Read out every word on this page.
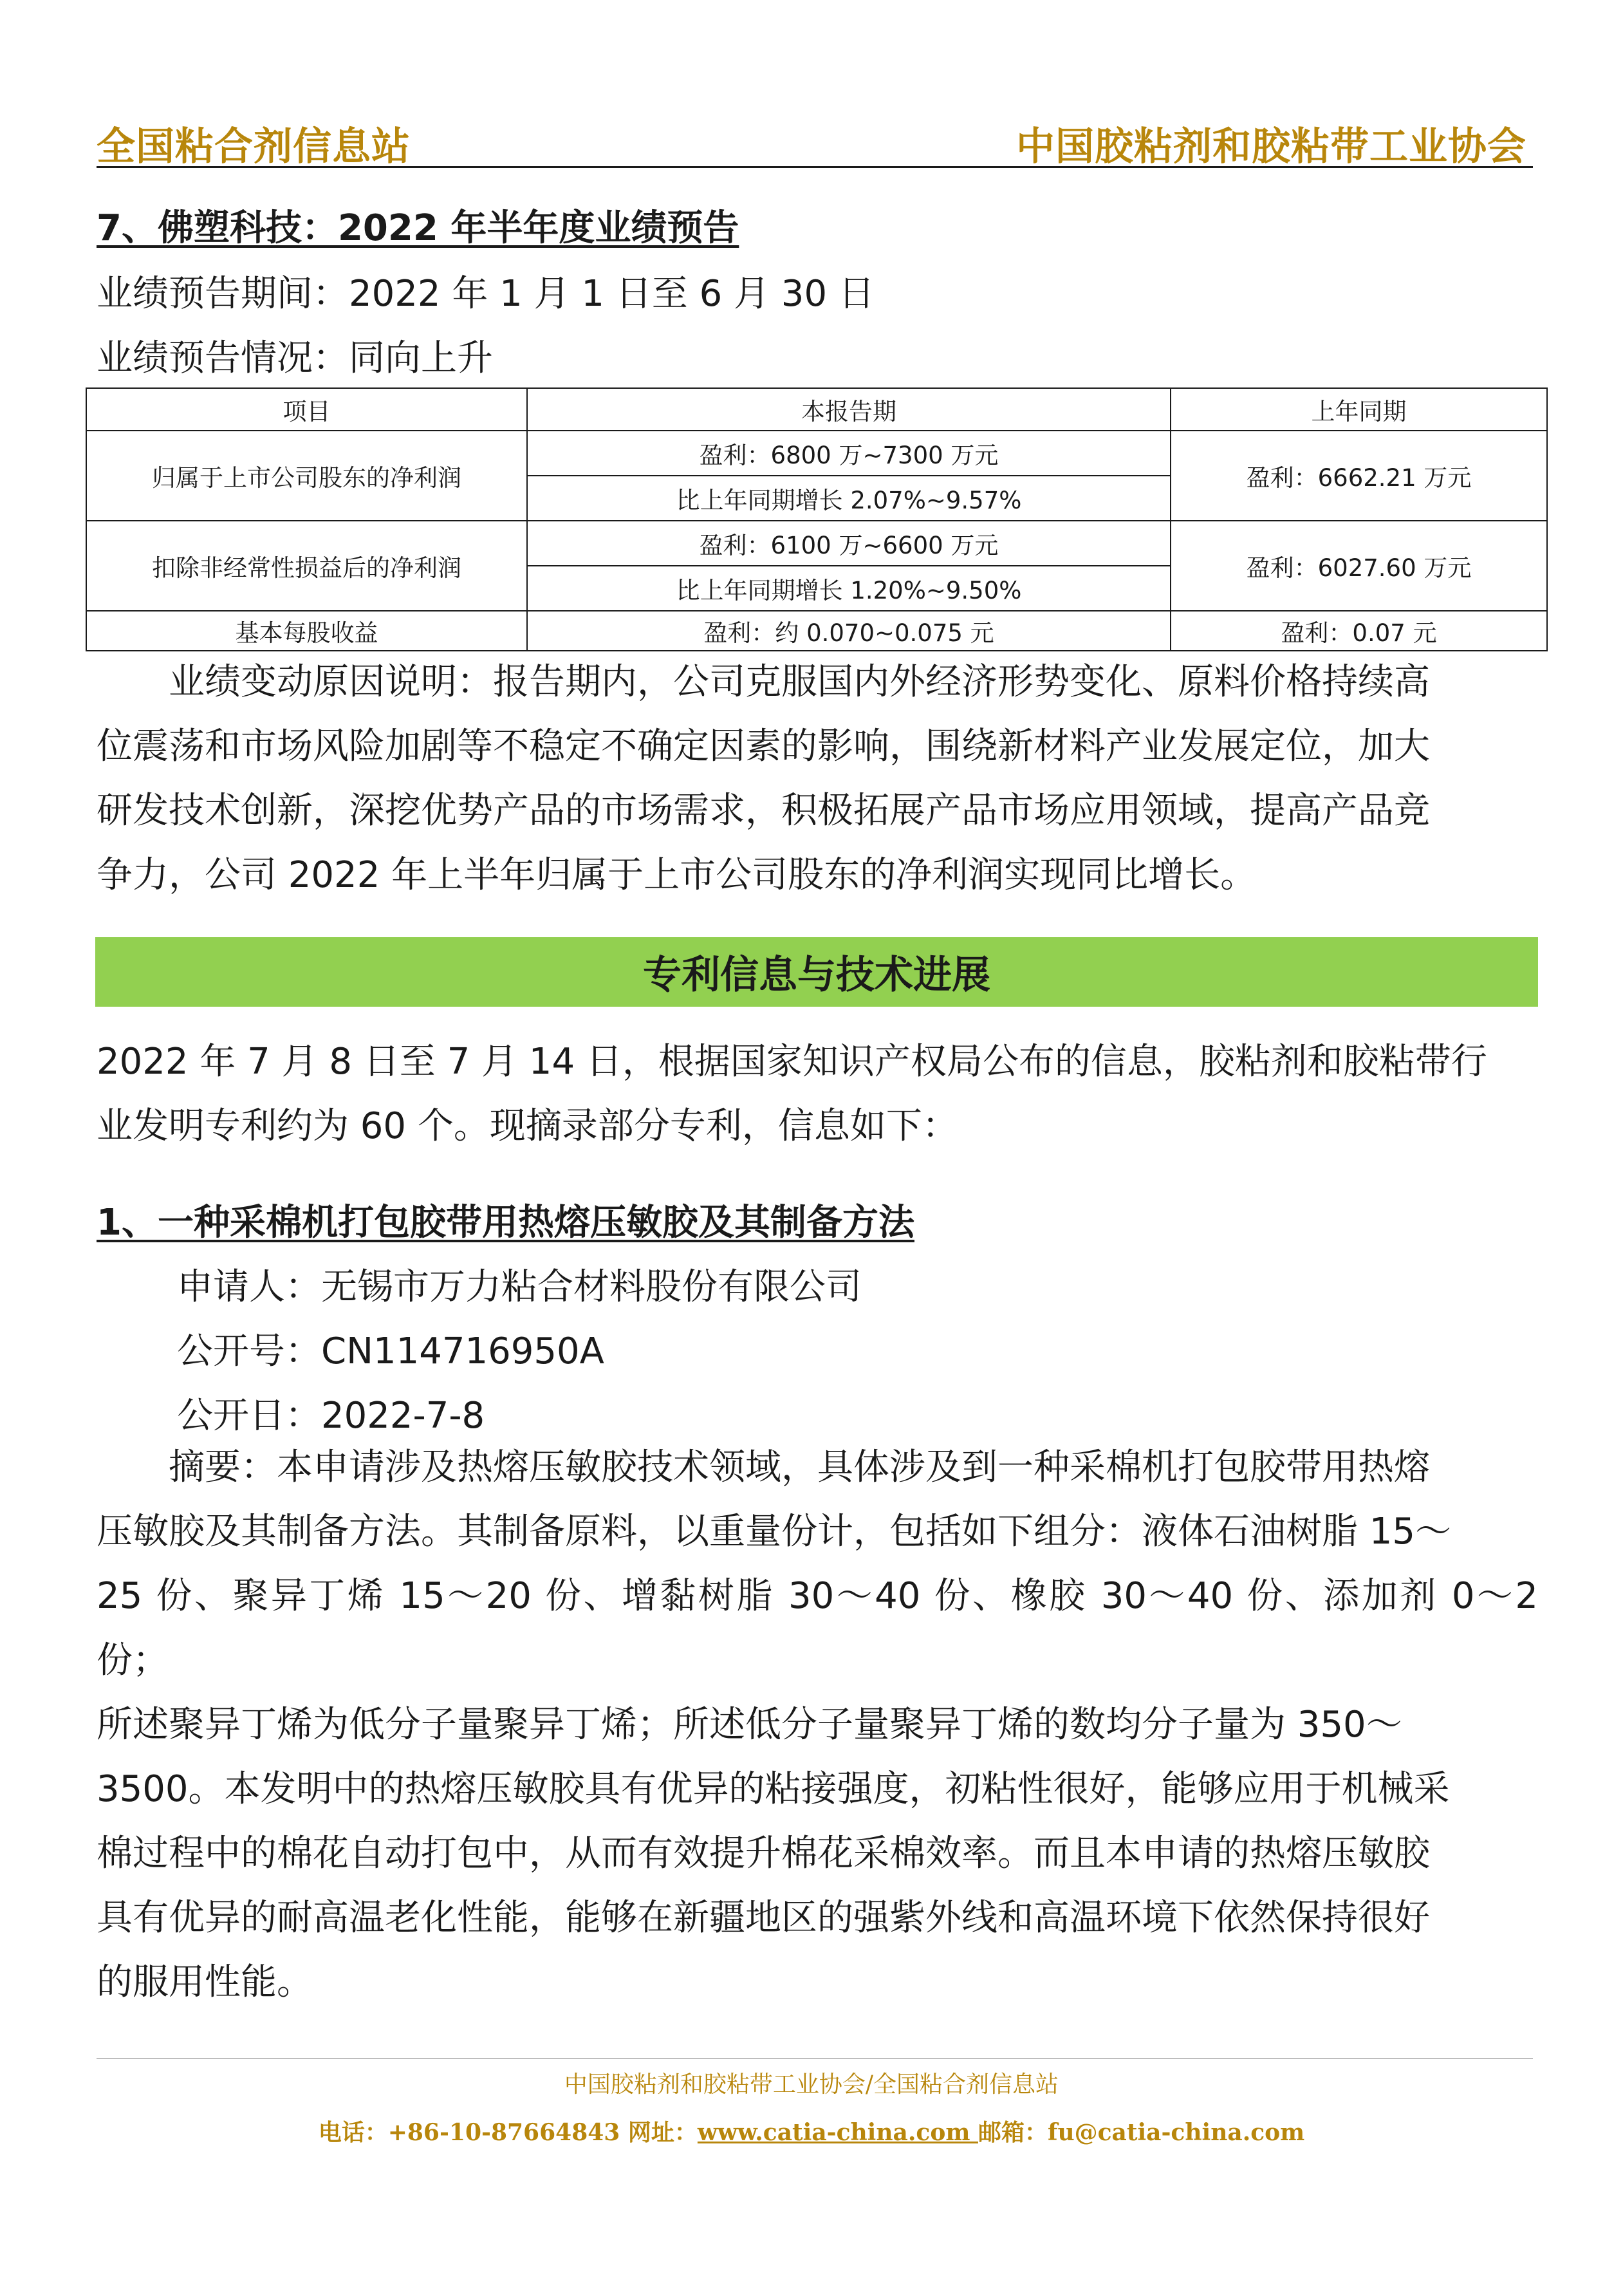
全国粘合剂信息站	中国胶粘剂和胶粘带工业协会
7、佛塑科技：2022 年半年度业绩预告
业绩预告期间：2022 年 1 月 1 日至 6 月 30 日
业绩预告情况：同向上升
项目	本报告期	上年同期
归属于上市公司股东的净利润	盈利：6800 万~7300 万元	盈利：6662.21 万元
	比上年同期增长 2.07%~9.57%	
扣除非经常性损益后的净利润	盈利：6100 万~6600 万元	盈利：6027.60 万元
	比上年同期增长 1.20%~9.50%	
基本每股收益	盈利：约 0.070~0.075 元	盈利：0.07 元
业绩变动原因说明：报告期内，公司克服国内外经济形势变化、原料价格持续高
位震荡和市场风险加剧等不稳定不确定因素的影响，围绕新材料产业发展定位，加大
研发技术创新，深挖优势产品的市场需求，积极拓展产品市场应用领域，提高产品竞
争力，公司 2022 年上半年归属于上市公司股东的净利润实现同比增长。
专利信息与技术进展
2022 年 7 月 8 日至 7 月 14 日，根据国家知识产权局公布的信息，胶粘剂和胶粘带行
业发明专利约为 60 个。现摘录部分专利，信息如下：
1、一种采棉机打包胶带用热熔压敏胶及其制备方法
申请人：无锡市万力粘合材料股份有限公司
公开号：CN114716950A
公开日：2022-7-8
摘要：本申请涉及热熔压敏胶技术领域，具体涉及到一种采棉机打包胶带用热熔
压敏胶及其制备方法。其制备原料，以重量份计，包括如下组分：液体石油树脂 15～
25 份、聚异丁烯 15～20 份、增黏树脂 30～40 份、橡胶 30～40 份、添加剂 0～2 份；
所述聚异丁烯为低分子量聚异丁烯；所述低分子量聚异丁烯的数均分子量为 350～
3500。本发明中的热熔压敏胶具有优异的粘接强度，初粘性很好，能够应用于机械采
棉过程中的棉花自动打包中，从而有效提升棉花采棉效率。而且本申请的热熔压敏胶
具有优异的耐高温老化性能，能够在新疆地区的强紫外线和高温环境下依然保持很好
的服用性能。
中国胶粘剂和胶粘带工业协会/全国粘合剂信息站
电话：+86-10-87664843 网址：www.catia-china.com 邮箱：fu@catia-china.com
